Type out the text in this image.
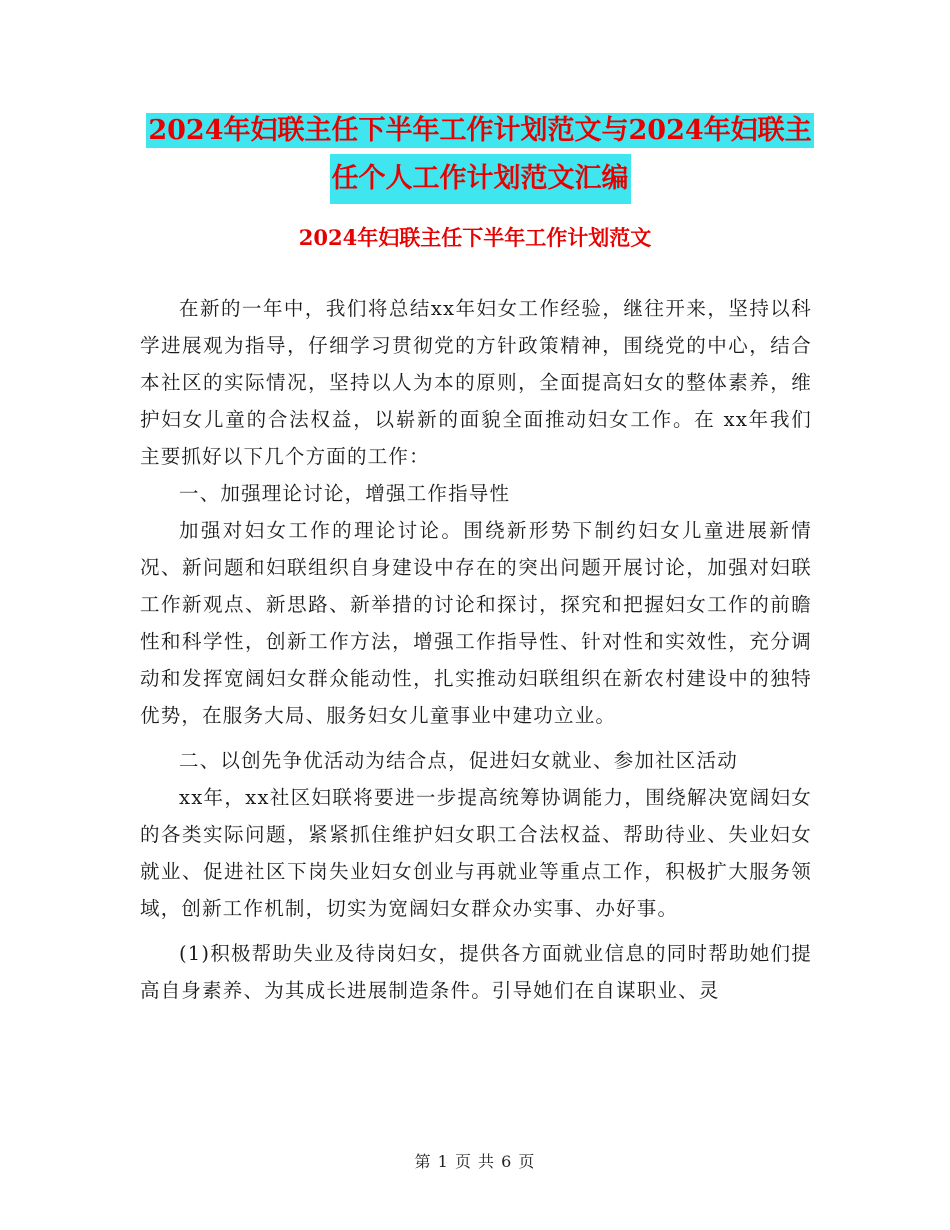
2024年妇联主任下半年工作计划范文与2024年妇联主
任个人工作计划范文汇编
2024年妇联主任下半年工作计划范文

在新的一年中，我们将总结xx年妇女工作经验，继往开来，坚持以科学进展观为指导，仔细学习贯彻党的方针政策精神，围绕党的中心，结合本社区的实际情况，坚持以人为本的原则，全面提高妇女的整体素养，维护妇女儿童的合法权益，以崭新的面貌全面推动妇女工作。在 xx年我们主要抓好以下几个方面的工作：

一、加强理论讨论，增强工作指导性

加强对妇女工作的理论讨论。围绕新形势下制约妇女儿童进展新情况、新问题和妇联组织自身建设中存在的突出问题开展讨论，加强对妇联工作新观点、新思路、新举措的讨论和探讨，探究和把握妇女工作的前瞻性和科学性，创新工作方法，增强工作指导性、针对性和实效性，充分调动和发挥宽阔妇女群众能动性，扎实推动妇联组织在新农村建设中的独特优势，在服务大局、服务妇女儿童事业中建功立业。

二、以创先争优活动为结合点，促进妇女就业、参加社区活动

xx年，xx社区妇联将要进一步提高统筹协调能力，围绕解决宽阔妇女的各类实际问题，紧紧抓住维护妇女职工合法权益、帮助待业、失业妇女就业、促进社区下岗失业妇女创业与再就业等重点工作，积极扩大服务领域，创新工作机制，切实为宽阔妇女群众办实事、办好事。

(1)积极帮助失业及待岗妇女，提供各方面就业信息的同时帮助她们提高自身素养、为其成长进展制造条件。引导她们在自谋职业、灵

第 1 页 共 6 页
